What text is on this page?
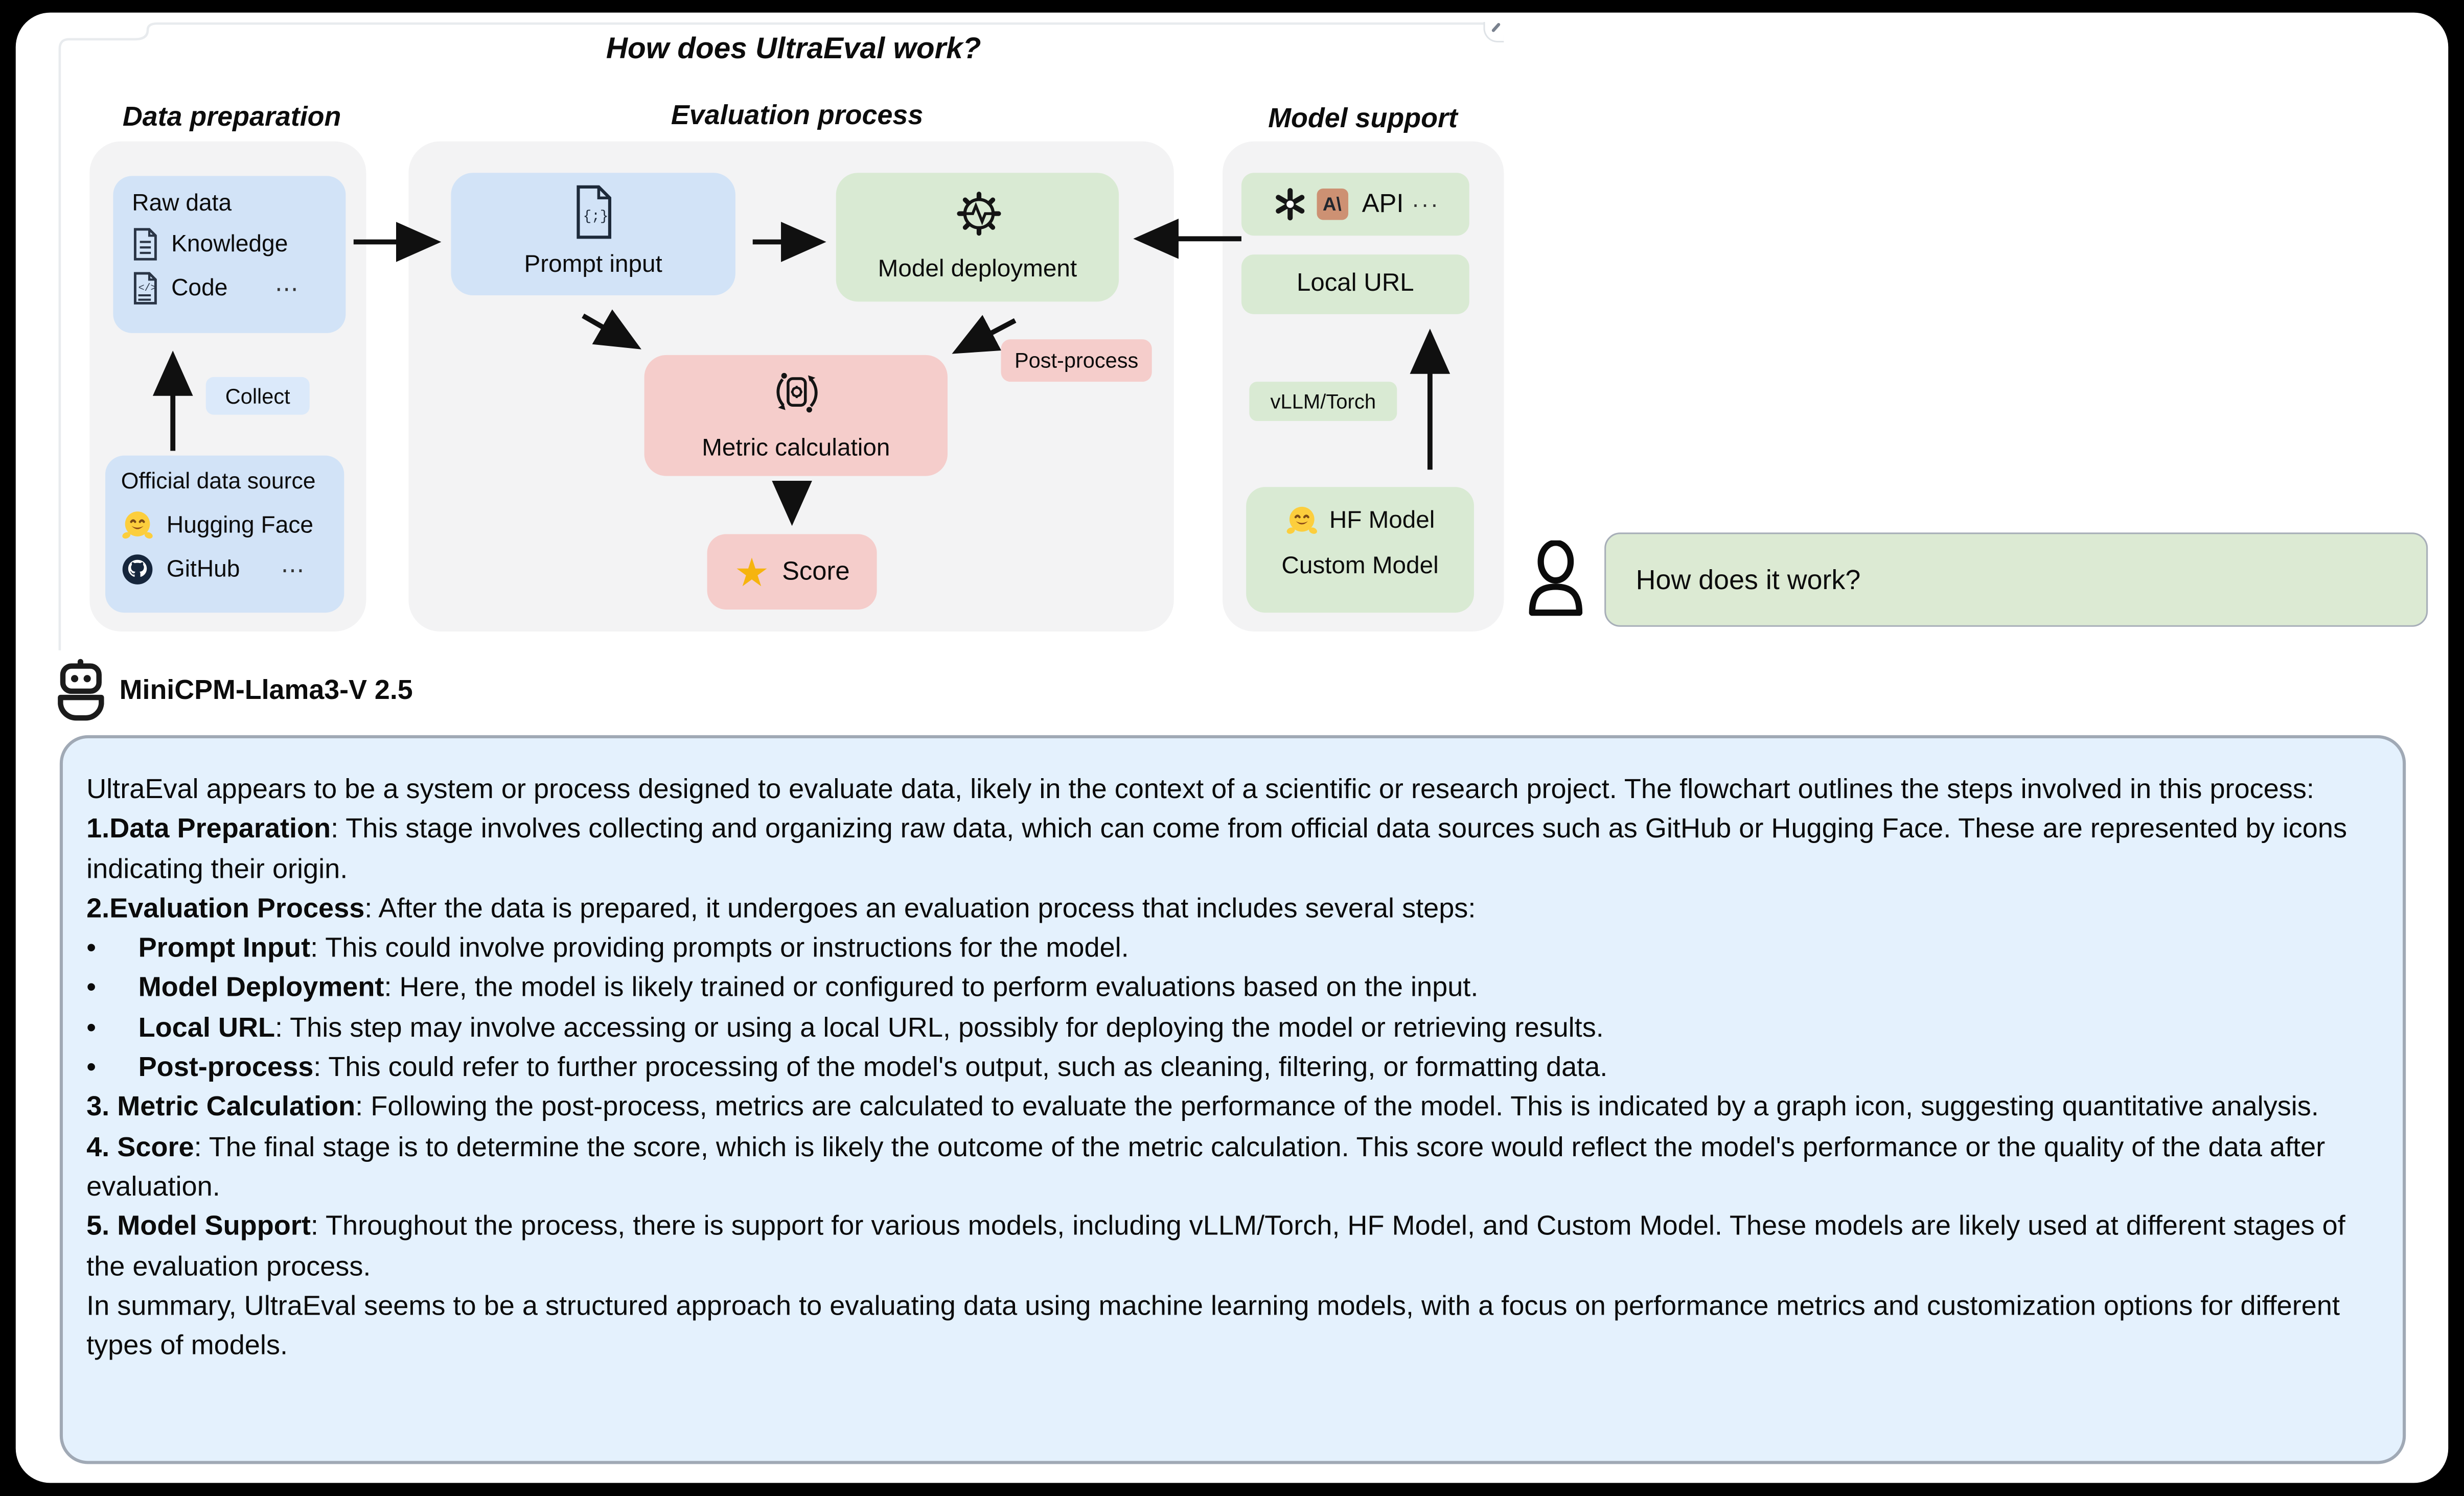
How does UltraEval work?
Data preparation	Evaluation process	Model support
Raw data
Knowledge
</> Code	⋯
Collect
Official data source
Hugging Face
GitHub	⋯
{;}
Prompt input	Model deployment
Post-process
Metric calculation
★ Score
A\	API ···
Local URL
vLLM/Torch
HF Model
Custom Model	How does it work?
MiniCPM-Llama3-V 2.5

UltraEval appears to be a system or process designed to evaluate data, likely in the context of a scientific or research project. The flowchart outlines the steps involved in this process:

1.Data Preparation: This stage involves collecting and organizing raw data, which can come from official data sources such as GitHub or Hugging Face. These are represented by icons indicating their origin.

2.Evaluation Process: After the data is prepared, it undergoes an evaluation process that includes several steps:

•	Prompt Input: This could involve providing prompts or instructions for the model.

•	Model Deployment: Here, the model is likely trained or configured to perform evaluations based on the input.

•	Local URL: This step may involve accessing or using a local URL, possibly for deploying the model or retrieving results.

•	Post-process: This could refer to further processing of the model's output, such as cleaning, filtering, or formatting data.

3. Metric Calculation: Following the post-process, metrics are calculated to evaluate the performance of the model. This is indicated by a graph icon, suggesting quantitative analysis.

4. Score: The final stage is to determine the score, which is likely the outcome of the metric calculation. This score would reflect the model's performance or the quality of the data after evaluation.

5. Model Support: Throughout the process, there is support for various models, including vLLM/Torch, HF Model, and Custom Model. These models are likely used at different stages of the evaluation process.

In summary, UltraEval seems to be a structured approach to evaluating data using machine learning models, with a focus on performance metrics and customization options for different types of models.
